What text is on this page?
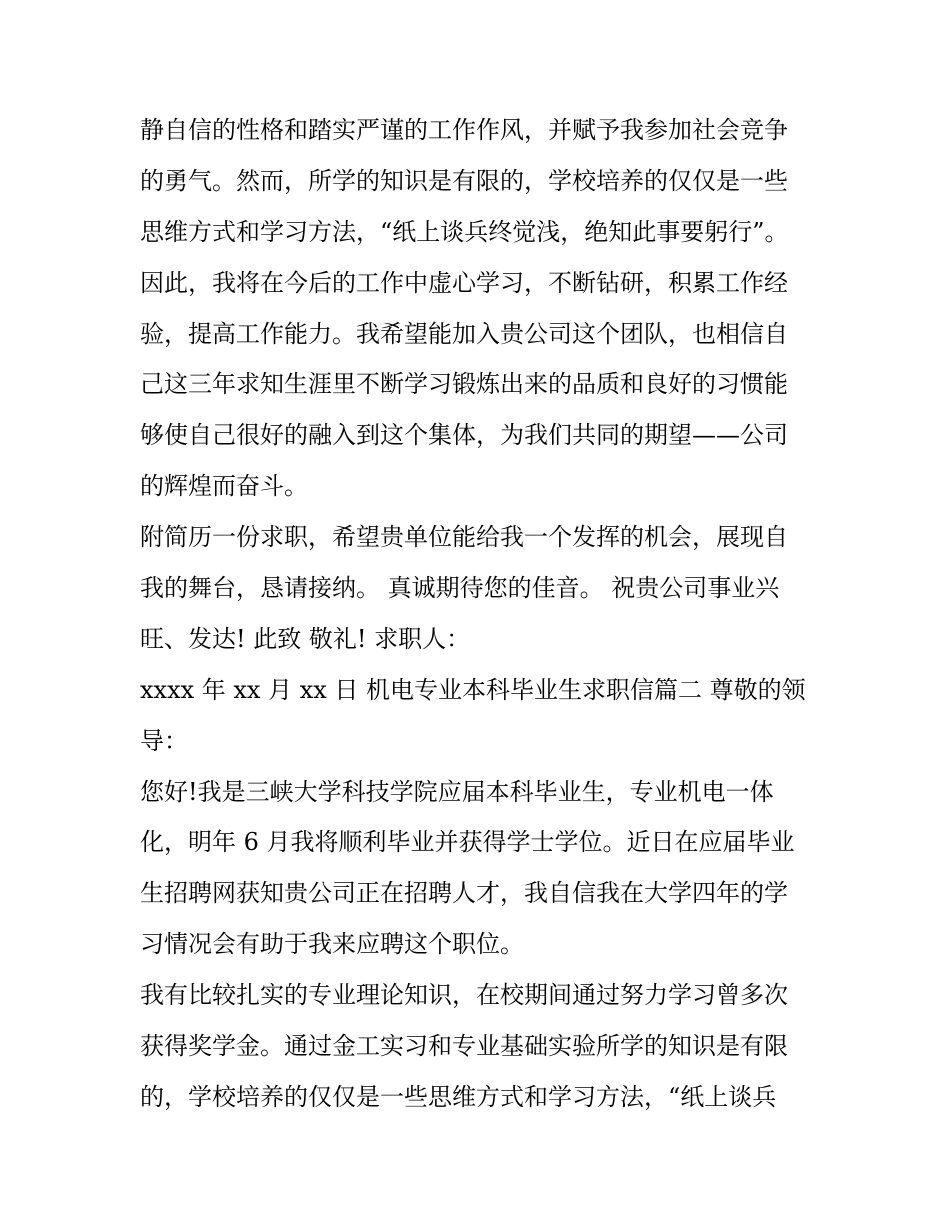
静自信的性格和踏实严谨的工作作风，并赋予我参加社会竞争
的勇气。然而，所学的知识是有限的，学校培养的仅仅是一些
思维方式和学习方法，“纸上谈兵终觉浅，绝知此事要躬行”。
因此，我将在今后的工作中虚心学习，不断钻研，积累工作经
验，提高工作能力。我希望能加入贵公司这个团队，也相信自
己这三年求知生涯里不断学习锻炼出来的品质和良好的习惯能
够使自己很好的融入到这个集体，为我们共同的期望——公司
的辉煌而奋斗。
附简历一份求职，希望贵单位能给我一个发挥的机会，展现自
我的舞台，恳请接纳。 真诚期待您的佳音。 祝贵公司事业兴
旺、发达! 此致 敬礼! 求职人：
xxxx 年 xx 月 xx 日 机电专业本科毕业生求职信篇二 尊敬的领
导：
您好!我是三峡大学科技学院应届本科毕业生，专业机电一体
化，明年 6 月我将顺利毕业并获得学士学位。近日在应届毕业
生招聘网获知贵公司正在招聘人才，我自信我在大学四年的学
习情况会有助于我来应聘这个职位。
我有比较扎实的专业理论知识，在校期间通过努力学习曾多次
获得奖学金。通过金工实习和专业基础实验所学的知识是有限
的，学校培养的仅仅是一些思维方式和学习方法，“纸上谈兵
